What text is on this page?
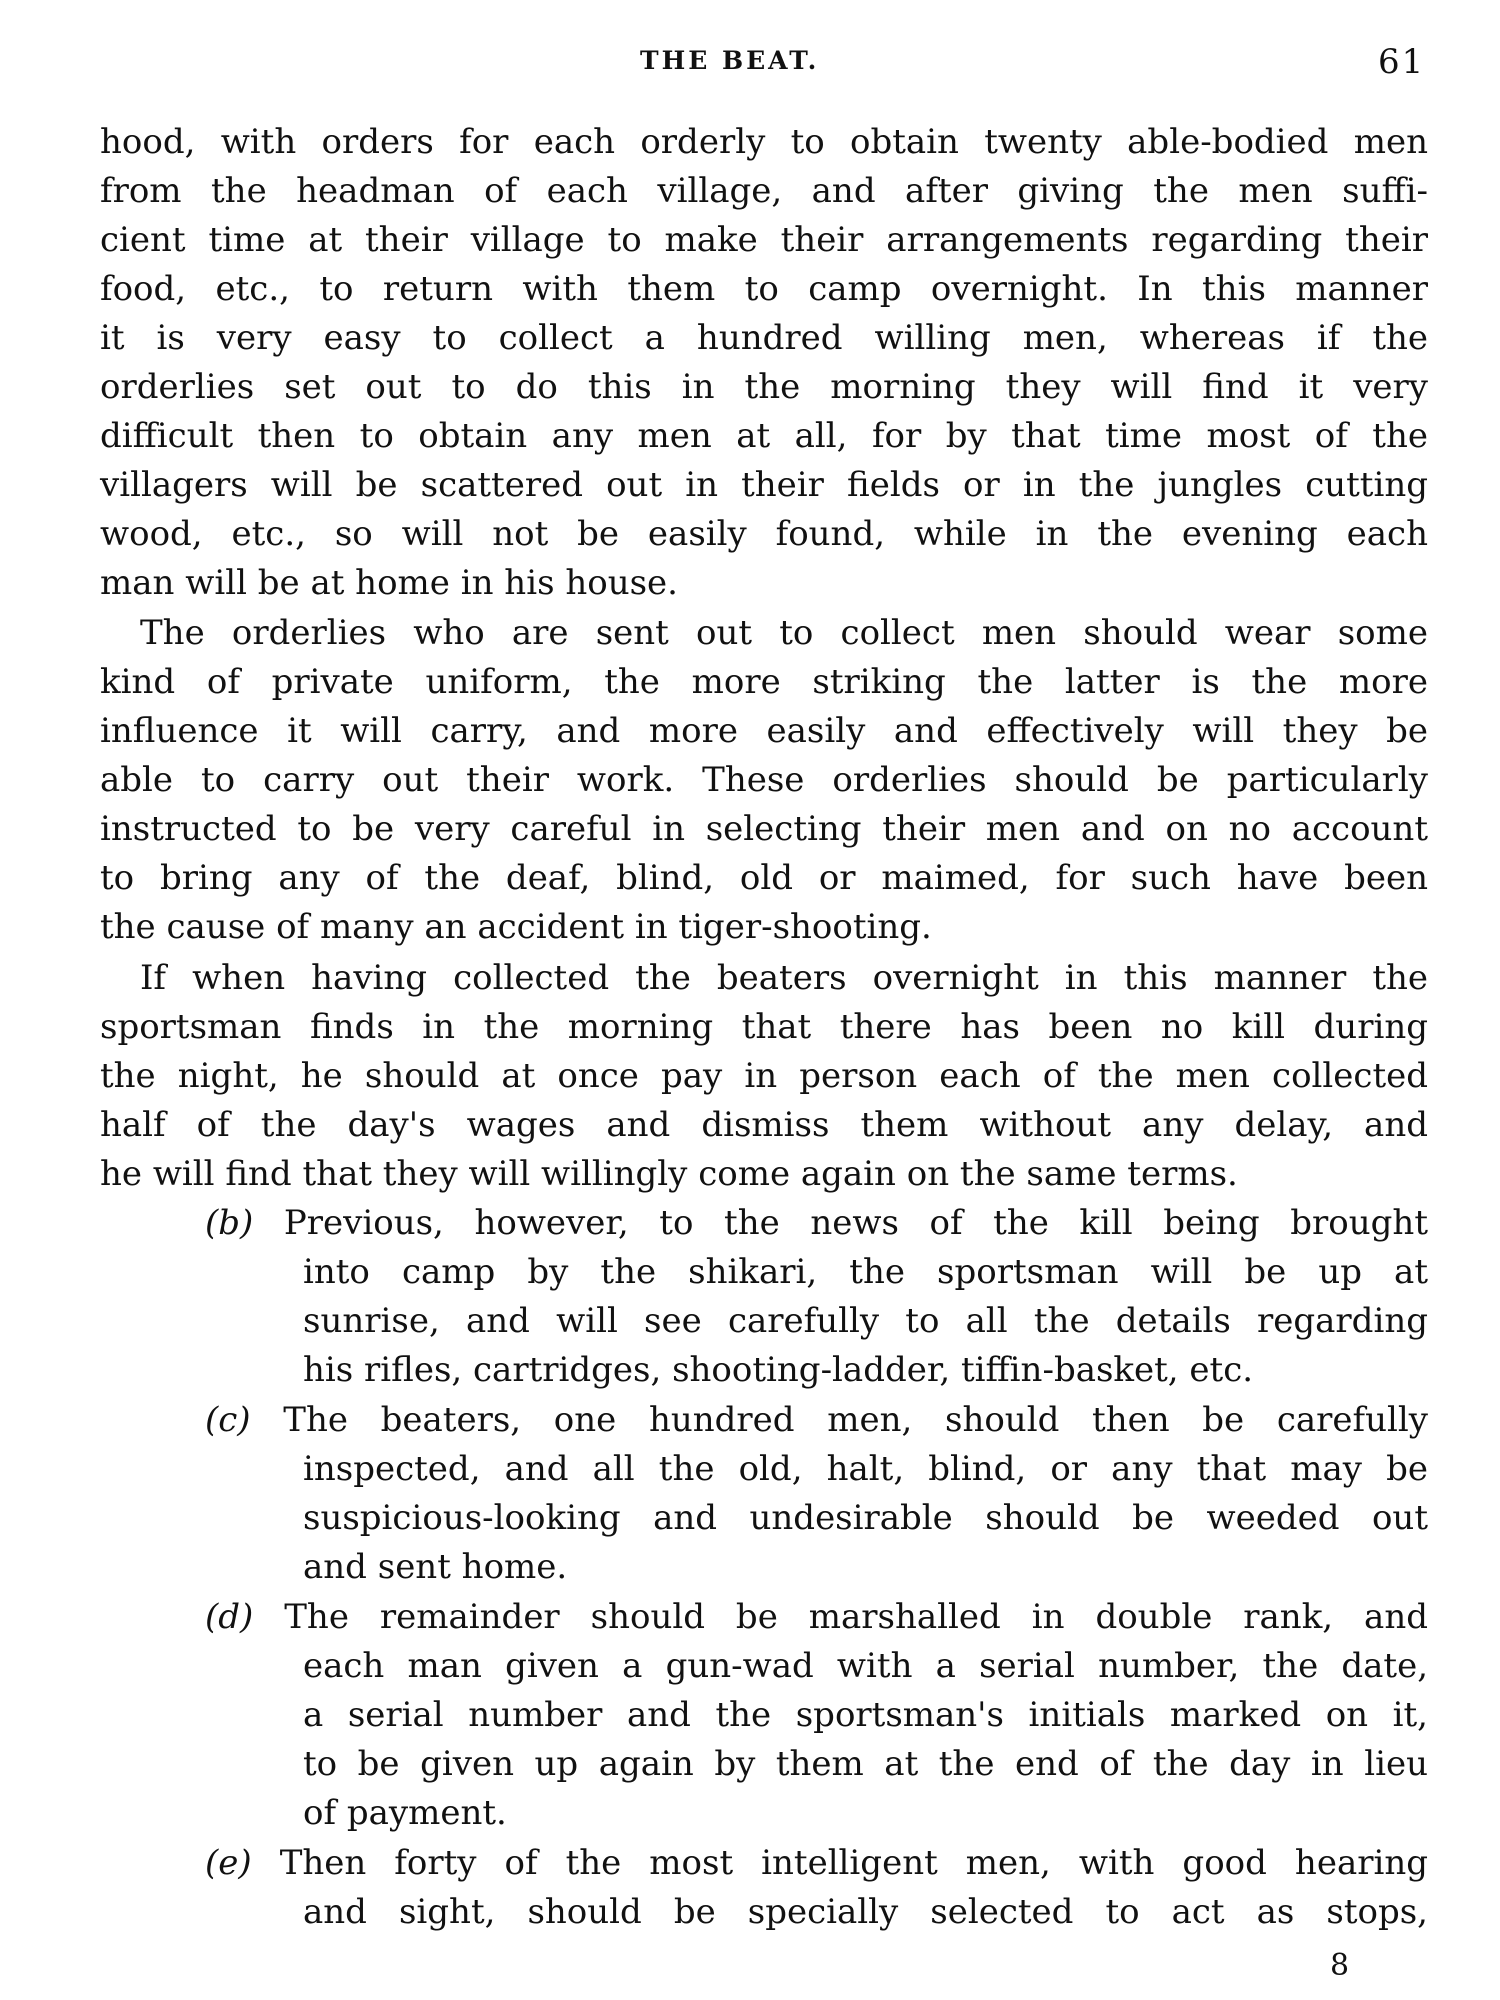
THE BEAT.	61
hood, with orders for each orderly to obtain twenty able-bodied men
from the headman of each village, and after giving the men suffi-
cient time at their village to make their arrangements regarding their
food, etc., to return with them to camp overnight. In this manner
it is very easy to collect a hundred willing men, whereas if the
orderlies set out to do this in the morning they will find it very
difficult then to obtain any men at all, for by that time most of the
villagers will be scattered out in their fields or in the jungles cutting
wood, etc., so will not be easily found, while in the evening each
man will be at home in his house.
The orderlies who are sent out to collect men should wear some
kind of private uniform, the more striking the latter is the more
influence it will carry, and more easily and effectively will they be
able to carry out their work. These orderlies should be particularly
instructed to be very careful in selecting their men and on no account
to bring any of the deaf, blind, old or maimed, for such have been
the cause of many an accident in tiger-shooting.
If when having collected the beaters overnight in this manner the
sportsman finds in the morning that there has been no kill during
the night, he should at once pay in person each of the men collected
half of the day's wages and dismiss them without any delay, and
he will find that they will willingly come again on the same terms.
(b) Previous, however, to the news of the kill being brought
into camp by the shikari, the sportsman will be up at
sunrise, and will see carefully to all the details regarding
his rifles, cartridges, shooting-ladder, tiffin-basket, etc.
(c) The beaters, one hundred men, should then be carefully
inspected, and all the old, halt, blind, or any that may be
suspicious-looking and undesirable should be weeded out
and sent home.
(d) The remainder should be marshalled in double rank, and
each man given a gun-wad with a serial number, the date,
a serial number and the sportsman's initials marked on it,
to be given up again by them at the end of the day in lieu
of payment.
(e) Then forty of the most intelligent men, with good hearing
and sight, should be specially selected to act as stops,
8
